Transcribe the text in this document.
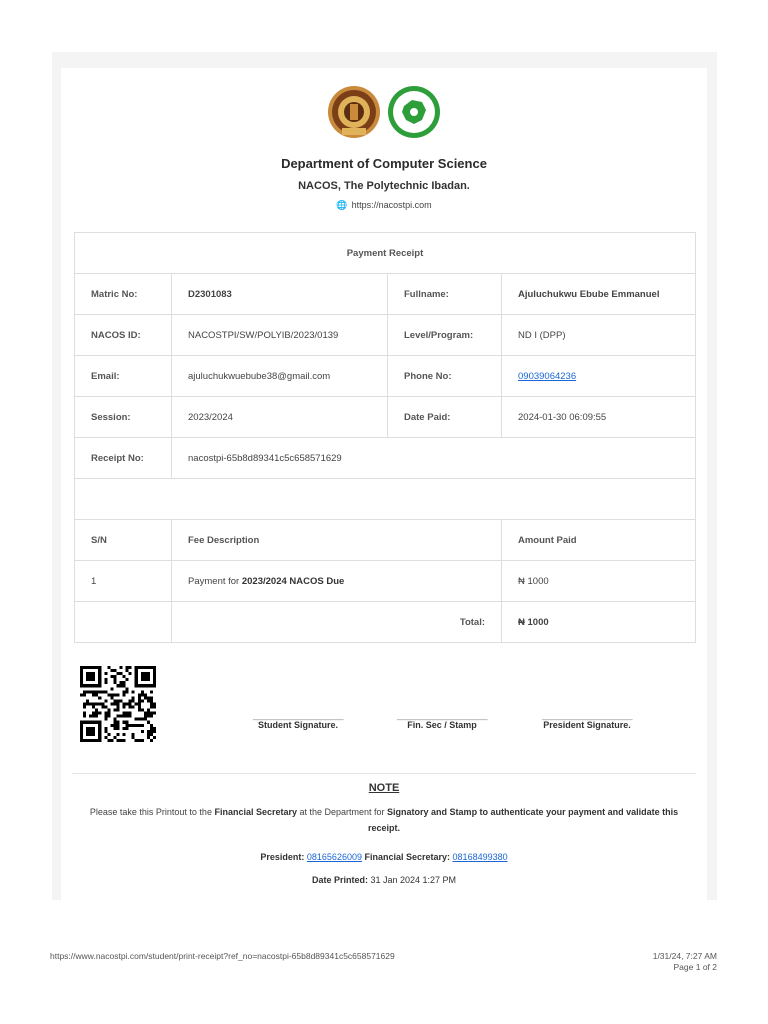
Department of Computer Science
NACOS, The Polytechnic Ibadan.
🌐 https://nacostpi.com
Payment Receipt			
Matric No:	D2301083	Fullname:	Ajuluchukwu Ebube Emmanuel
NACOS ID:	NACOSTPI/SW/POLYIB/2023/0139	Level/Program:	ND I (DPP)
Email:	ajuluchukwuebube38@gmail.com	Phone No:	09039064236
Session:	2023/2024	Date Paid:	2024-01-30 06:09:55
Receipt No:	nacostpi-65b8d89341c5c658571629		

S/N	Fee Description		Amount Paid
1	Payment for 2023/2024 NACOS Due		₦ 1000
	Total:		₦ 1000
____________________
Student Signature.
____________________
Fin. Sec / Stamp
____________________
President Signature.
NOTE
Please take this Printout to the Financial Secretary at the Department for Signatory and Stamp to authenticate your payment and validate this receipt.
President: 08165626009 Financial Secretary: 08168499380
Date Printed: 31 Jan 2024 1:27 PM
https://www.nacostpi.com/student/print-receipt?ref_no=nacostpi-65b8d89341c5c658571629	1/31/24, 7:27 AM
Page 1 of 2
